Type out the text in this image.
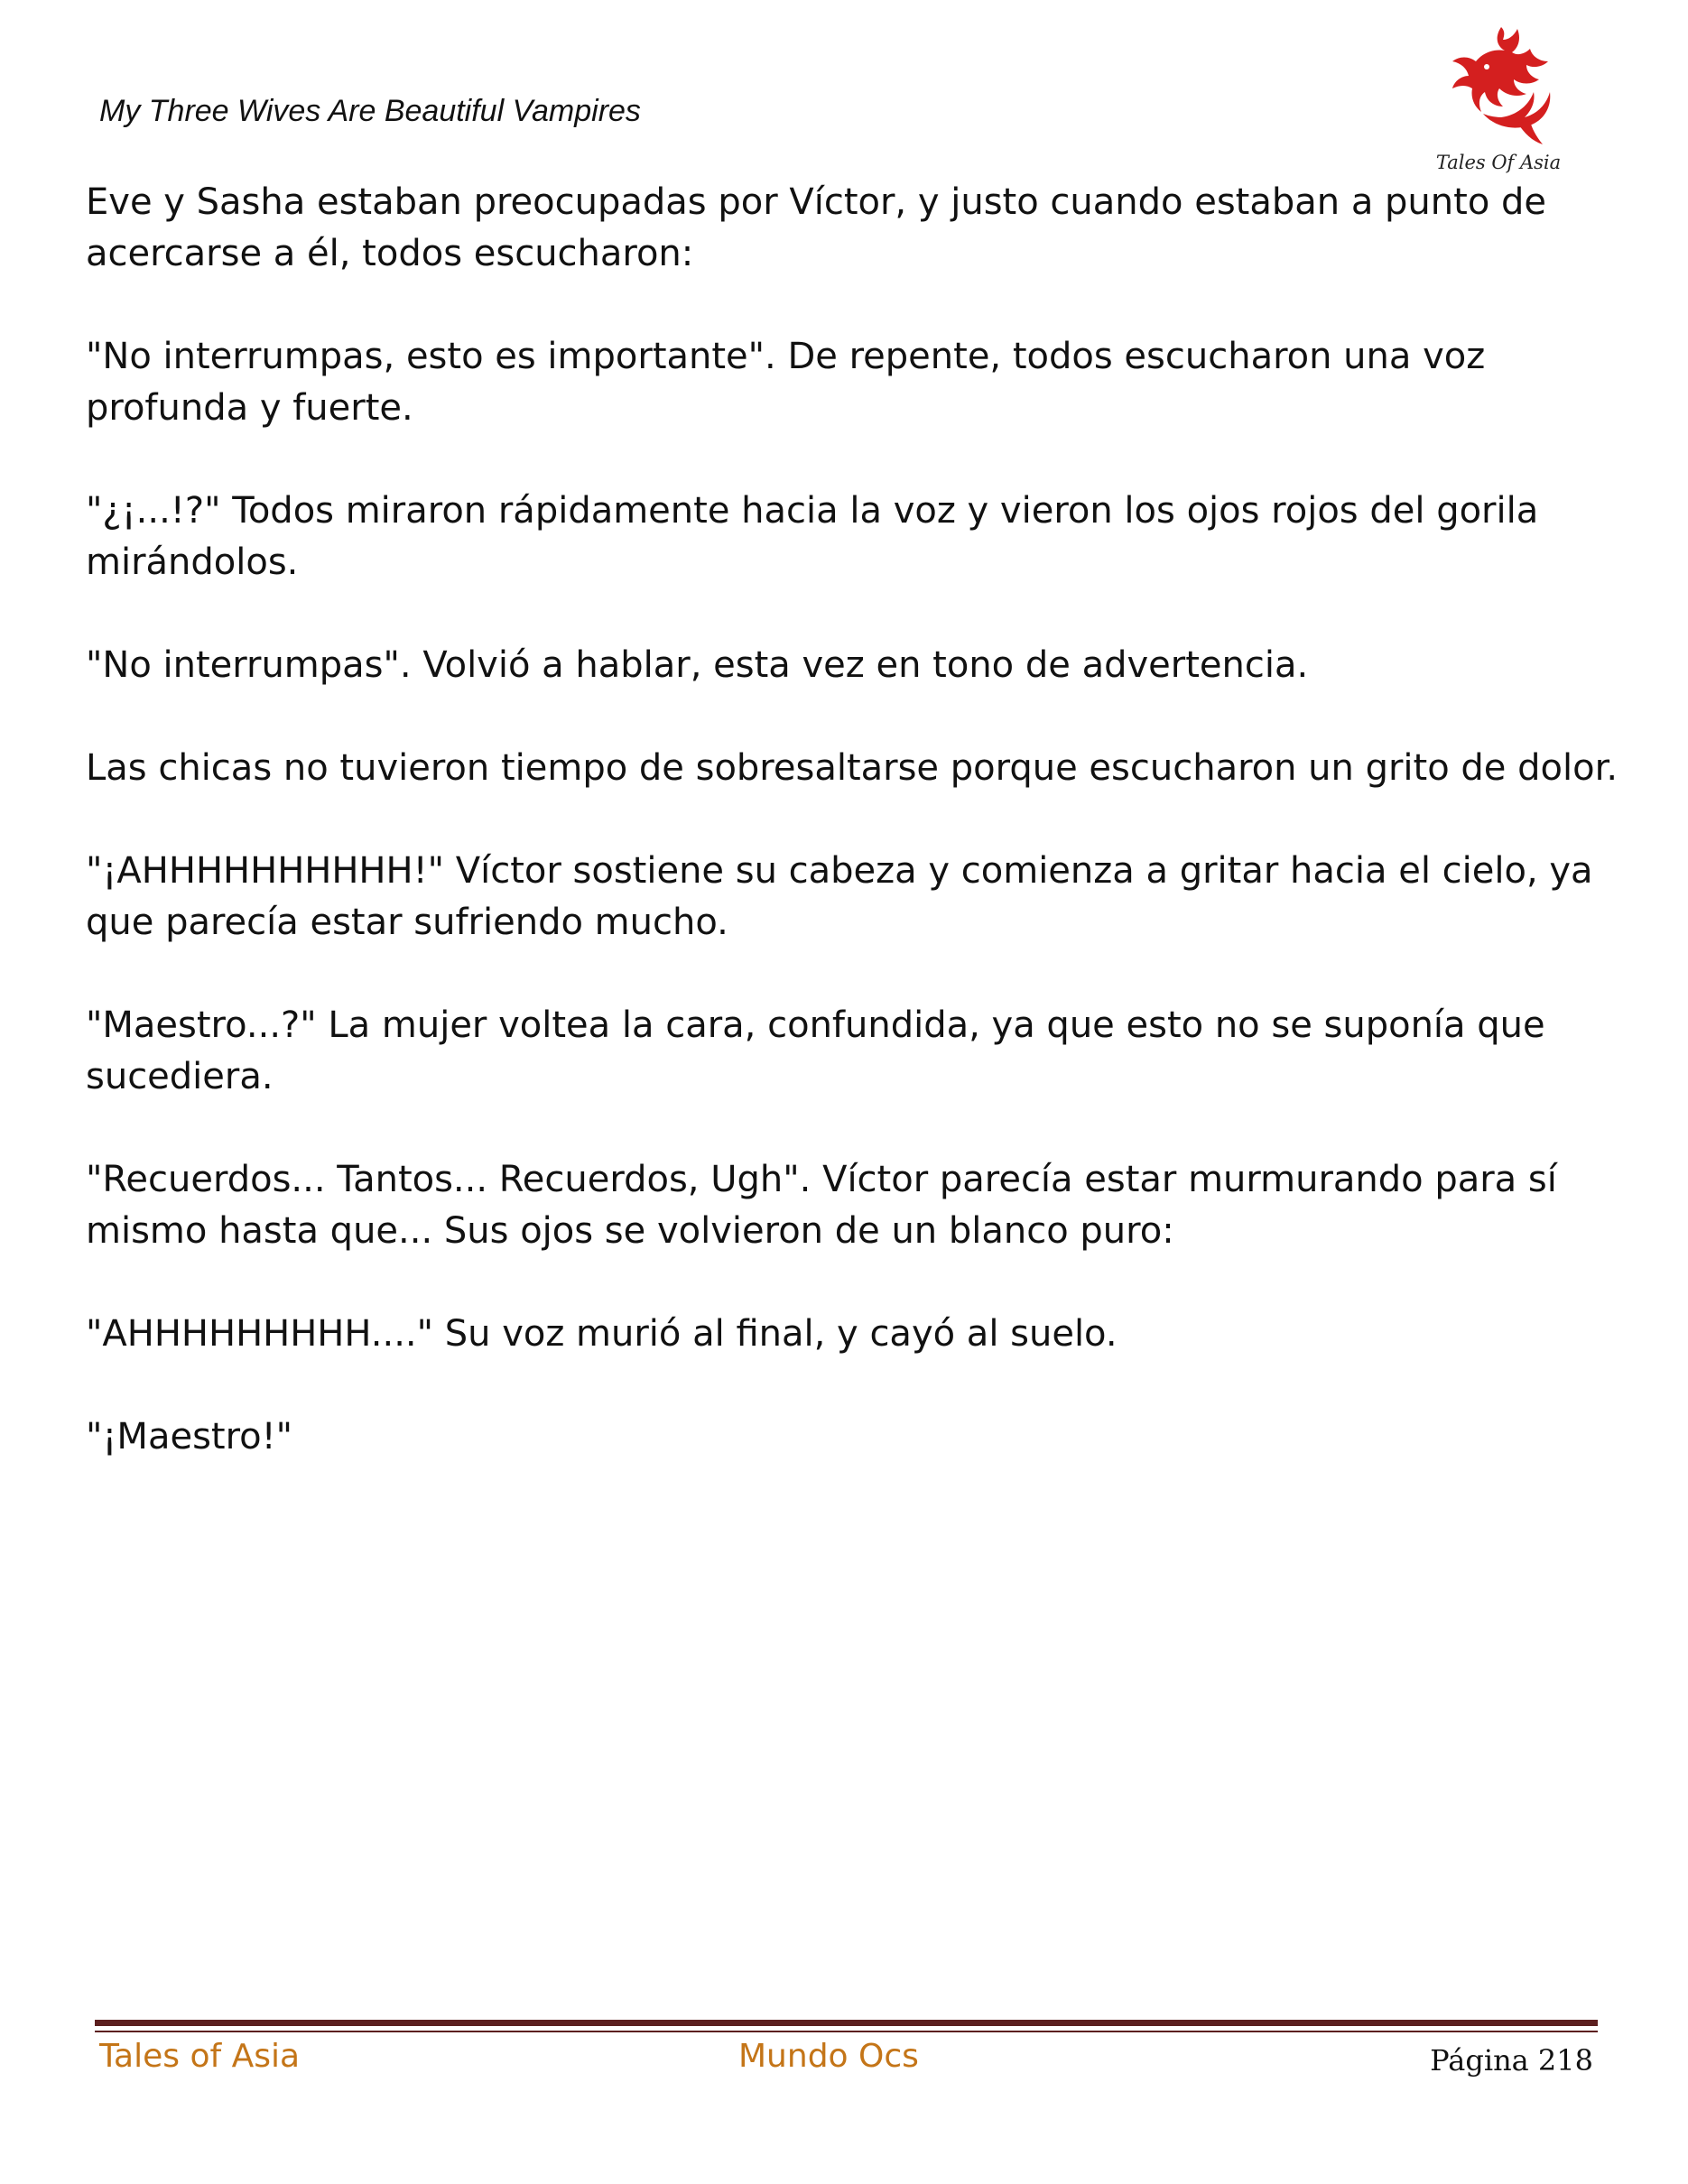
My Three Wives Are Beautiful Vampires
Tales Of Asia

Eve y Sasha estaban preocupadas por Víctor, y justo cuando estaban a punto de acercarse a él, todos escucharon:

"No interrumpas, esto es importante". De repente, todos escucharon una voz profunda y fuerte.

"¿¡...!?" Todos miraron rápidamente hacia la voz y vieron los ojos rojos del gorila mirándolos.

"No interrumpas". Volvió a hablar, esta vez en tono de advertencia.

Las chicas no tuvieron tiempo de sobresaltarse porque escucharon un grito de dolor.

"¡AHHHHHHHHHH!" Víctor sostiene su cabeza y comienza a gritar hacia el cielo, ya que parecía estar sufriendo mucho.

"Maestro...?" La mujer voltea la cara, confundida, ya que esto no se suponía que sucediera.

"Recuerdos... Tantos... Recuerdos, Ugh". Víctor parecía estar murmurando para sí mismo hasta que... Sus ojos se volvieron de un blanco puro:

"AHHHHHHHHH...." Su voz murió al final, y cayó al suelo.

"¡Maestro!"

Tales of Asia	Mundo Ocs	Página 218
